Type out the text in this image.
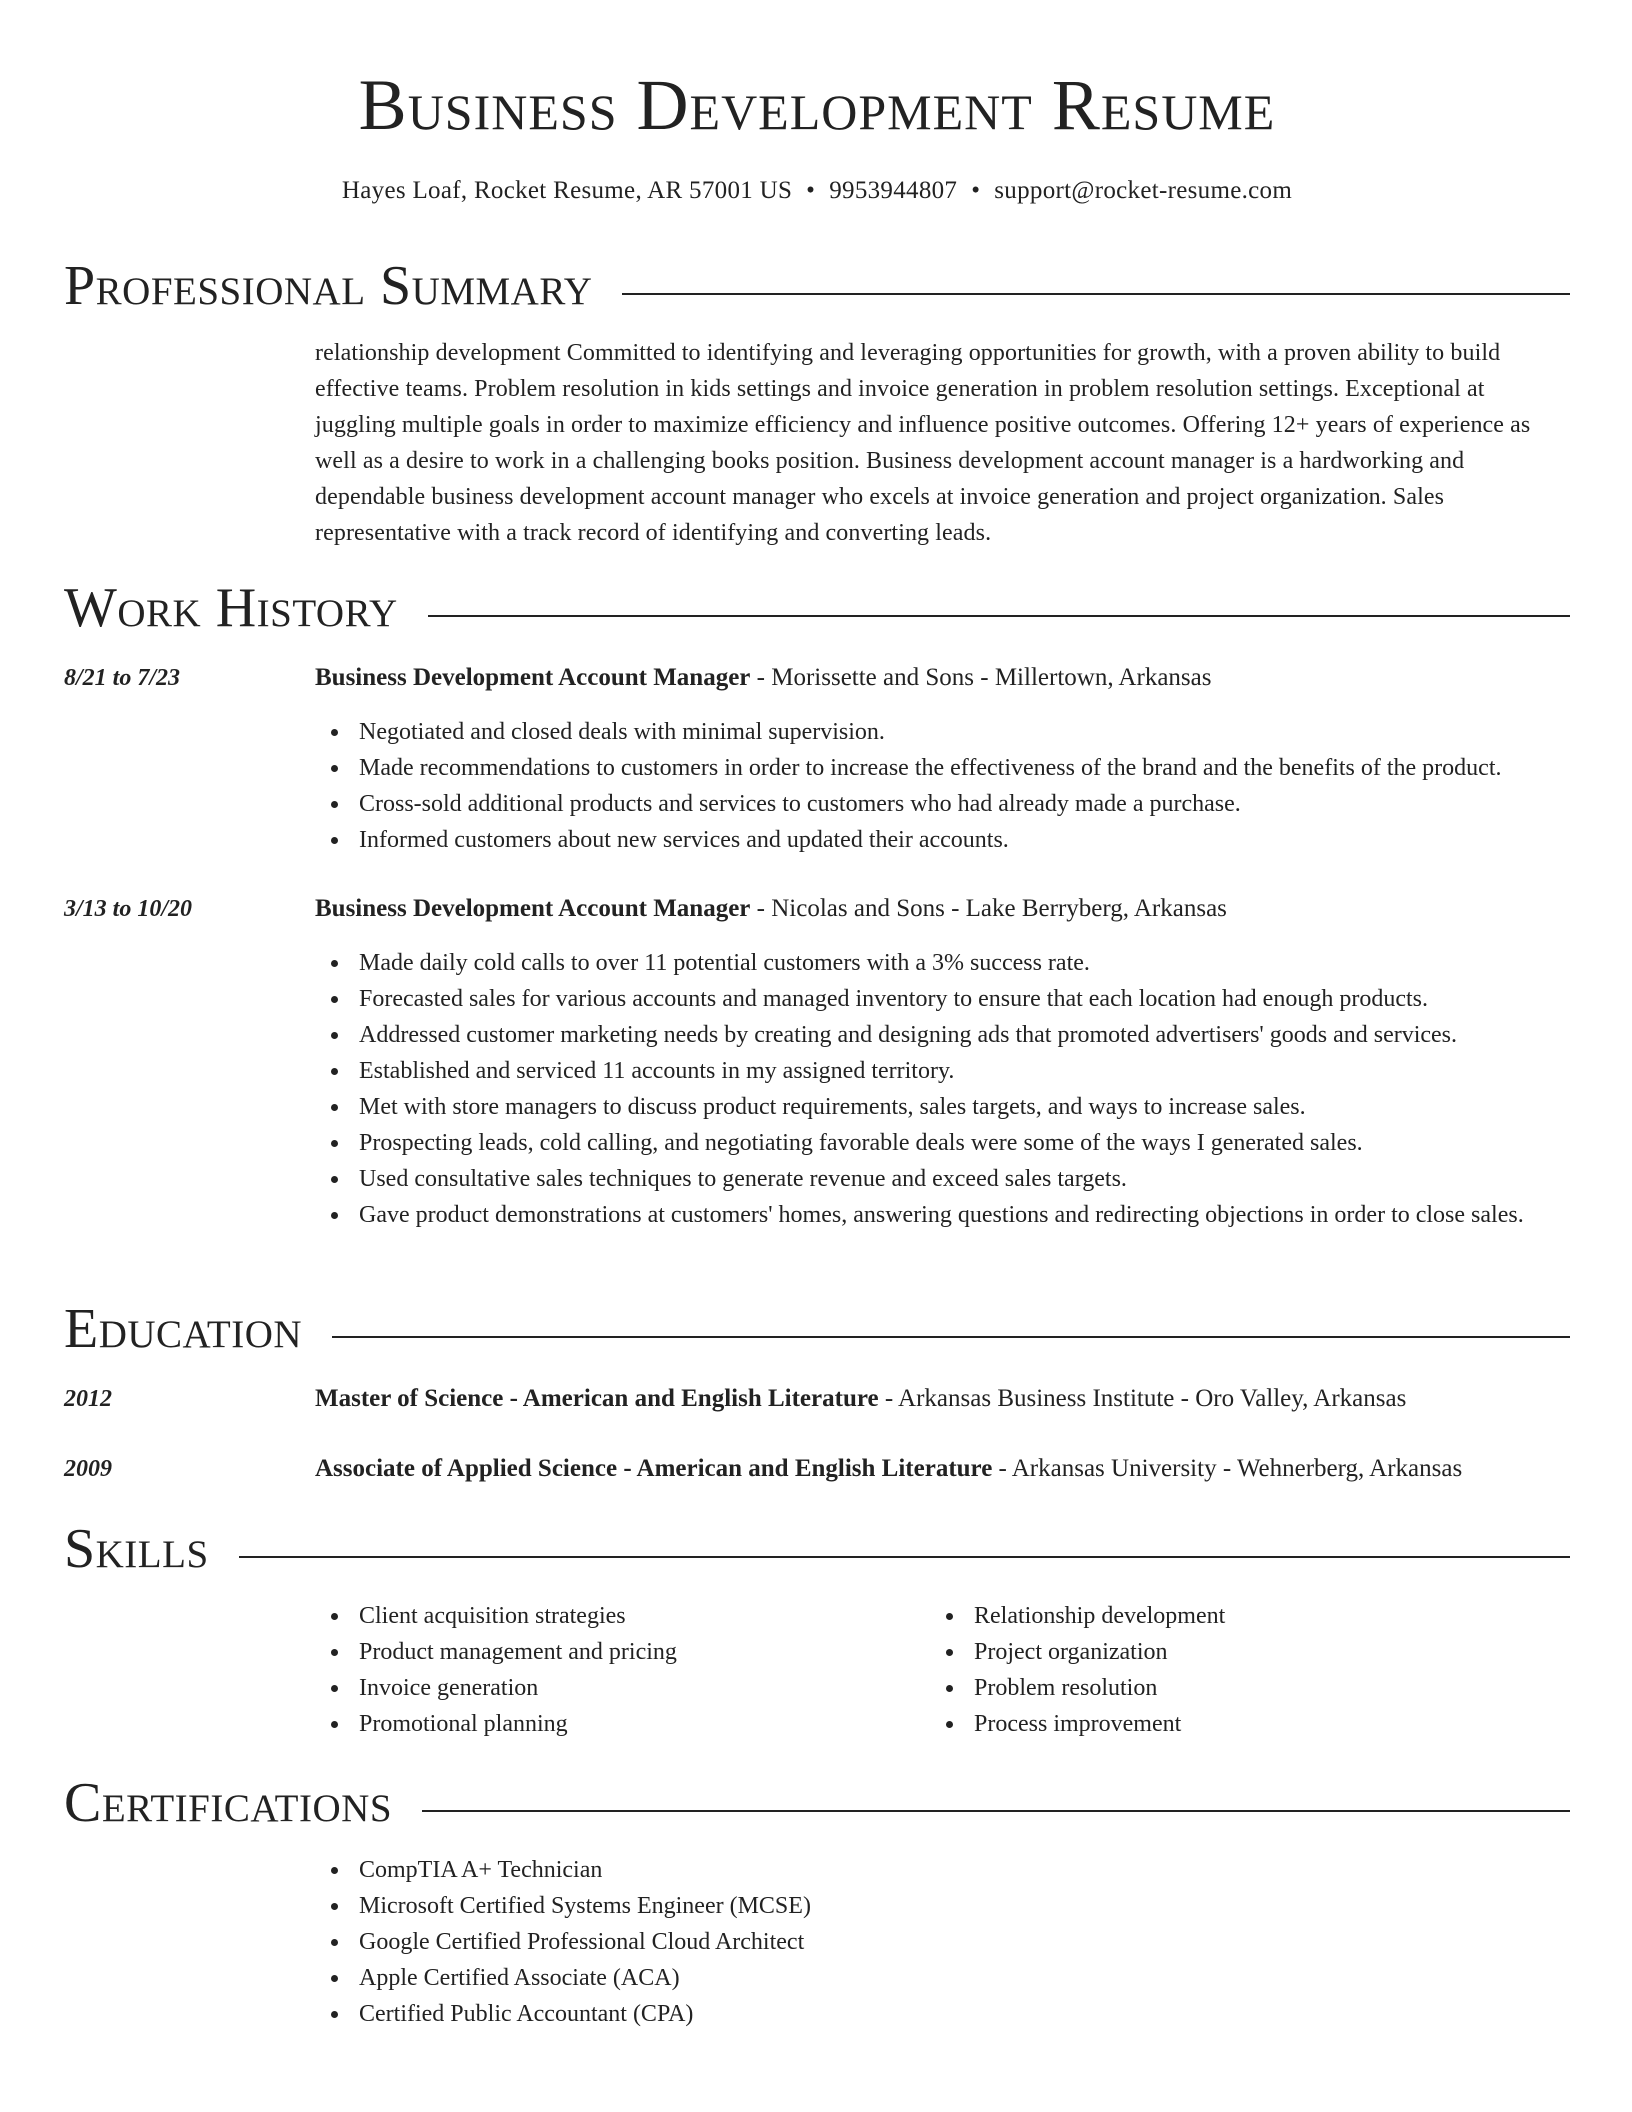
Business Development Resume
Hayes Loaf, Rocket Resume, AR 57001 US • 9953944807 • support@rocket-resume.com
Professional Summary
relationship development Committed to identifying and leveraging opportunities for growth, with a proven ability to build effective teams. Problem resolution in kids settings and invoice generation in problem resolution settings. Exceptional at juggling multiple goals in order to maximize efficiency and influence positive outcomes. Offering 12+ years of experience as well as a desire to work in a challenging books position. Business development account manager is a hardworking and dependable business development account manager who excels at invoice generation and project organization. Sales representative with a track record of identifying and converting leads.
Work History
8/21 to 7/23	Business Development Account Manager - Morissette and Sons - Millertown, Arkansas
Negotiated and closed deals with minimal supervision.
Made recommendations to customers in order to increase the effectiveness of the brand and the benefits of the product.
Cross-sold additional products and services to customers who had already made a purchase.
Informed customers about new services and updated their accounts.
3/13 to 10/20	Business Development Account Manager - Nicolas and Sons - Lake Berryberg, Arkansas
Made daily cold calls to over 11 potential customers with a 3% success rate.
Forecasted sales for various accounts and managed inventory to ensure that each location had enough products.
Addressed customer marketing needs by creating and designing ads that promoted advertisers' goods and services.
Established and serviced 11 accounts in my assigned territory.
Met with store managers to discuss product requirements, sales targets, and ways to increase sales.
Prospecting leads, cold calling, and negotiating favorable deals were some of the ways I generated sales.
Used consultative sales techniques to generate revenue and exceed sales targets.
Gave product demonstrations at customers' homes, answering questions and redirecting objections in order to close sales.
Education
2012	Master of Science - American and English Literature - Arkansas Business Institute - Oro Valley, Arkansas
2009	Associate of Applied Science - American and English Literature - Arkansas University - Wehnerberg, Arkansas
Skills
Client acquisition strategies
Product management and pricing
Invoice generation
Promotional planning
Relationship development
Project organization
Problem resolution
Process improvement
Certifications
CompTIA A+ Technician
Microsoft Certified Systems Engineer (MCSE)
Google Certified Professional Cloud Architect
Apple Certified Associate (ACA)
Certified Public Accountant (CPA)
